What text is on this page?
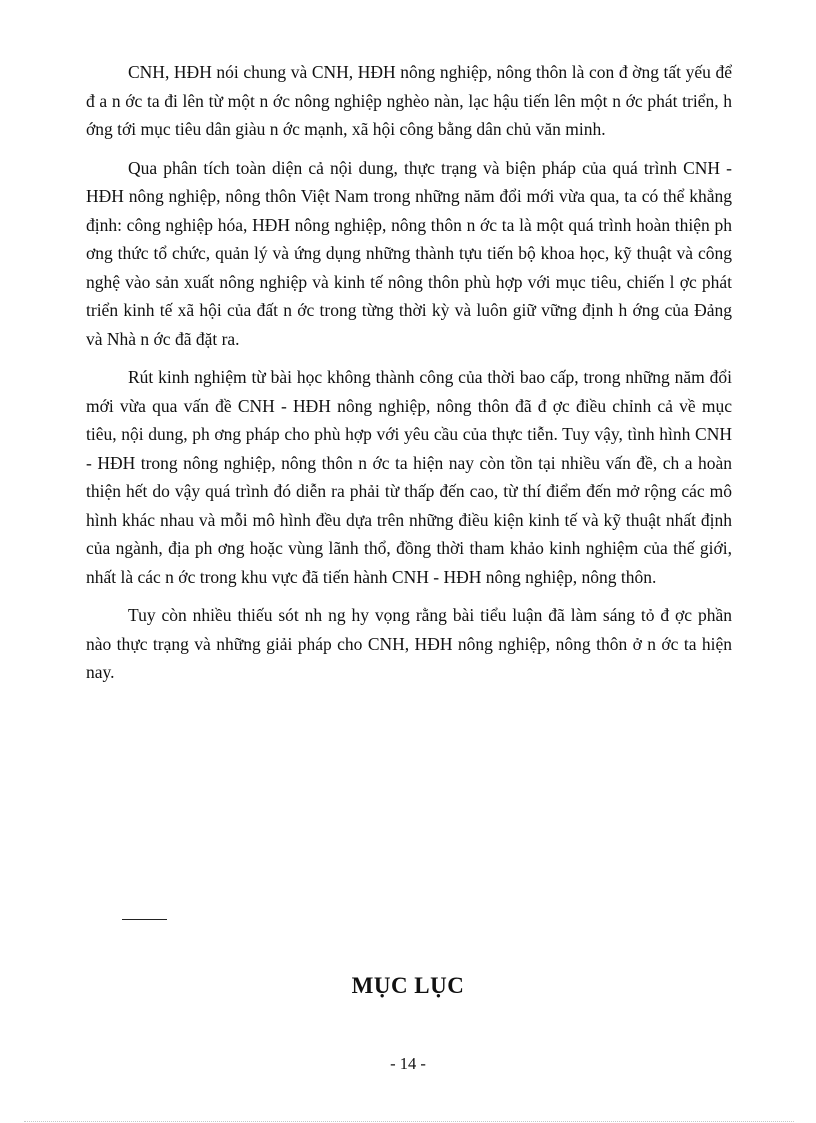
CNH, HĐH nói chung và CNH, HĐH nông nghiệp, nông thôn là con đ ờng tất yếu để đ a n ớc ta đi lên từ một n ớc nông nghiệp nghèo nàn, lạc hậu tiến lên một n ớc phát triển, h ớng tới mục tiêu dân giàu n ớc mạnh, xã hội công bằng dân chủ văn minh.

Qua phân tích toàn diện cả nội dung, thực trạng và biện pháp của quá trình CNH - HĐH nông nghiệp, nông thôn Việt Nam trong những năm đổi mới vừa qua, ta có thể khẳng định: công nghiệp hóa, HĐH nông nghiệp, nông thôn n ớc ta là một quá trình hoàn thiện ph ơng thức tổ chức, quản lý và ứng dụng những thành tựu tiến bộ khoa học, kỹ thuật và công nghệ vào sản xuất nông nghiệp và kinh tế nông thôn phù hợp với mục tiêu, chiến l ợc phát triển kinh tế xã hội của đất n ớc trong từng thời kỳ và luôn giữ vững định h ớng của Đảng và Nhà n ớc đã đặt ra.

Rút kinh nghiệm từ bài học không thành công của thời bao cấp, trong những năm đổi mới vừa qua vấn đề CNH - HĐH nông nghiệp, nông thôn đã đ ợc điều chỉnh cả về mục tiêu, nội dung, ph ơng pháp cho phù hợp với yêu cầu của thực tiễn. Tuy vậy, tình hình CNH - HĐH trong nông nghiệp, nông thôn n ớc ta hiện nay còn tồn tại nhiều vấn đề, ch a hoàn thiện hết do vậy quá trình đó diễn ra phải từ thấp đến cao, từ thí điểm đến mở rộng các mô hình khác nhau và mỗi mô hình đều dựa trên những điều kiện kinh tế và kỹ thuật nhất định của ngành, địa ph ơng hoặc vùng lãnh thổ, đồng thời tham khảo kinh nghiệm của thế giới, nhất là các n ớc trong khu vực đã tiến hành CNH - HĐH nông nghiệp, nông thôn.

Tuy còn nhiều thiếu sót nh ng hy vọng rằng bài tiểu luận đã làm sáng tỏ đ ợc phần nào thực trạng và những giải pháp cho CNH, HĐH nông nghiệp, nông thôn ở n ớc ta hiện nay.

MỤC LỤC
- 14 -
